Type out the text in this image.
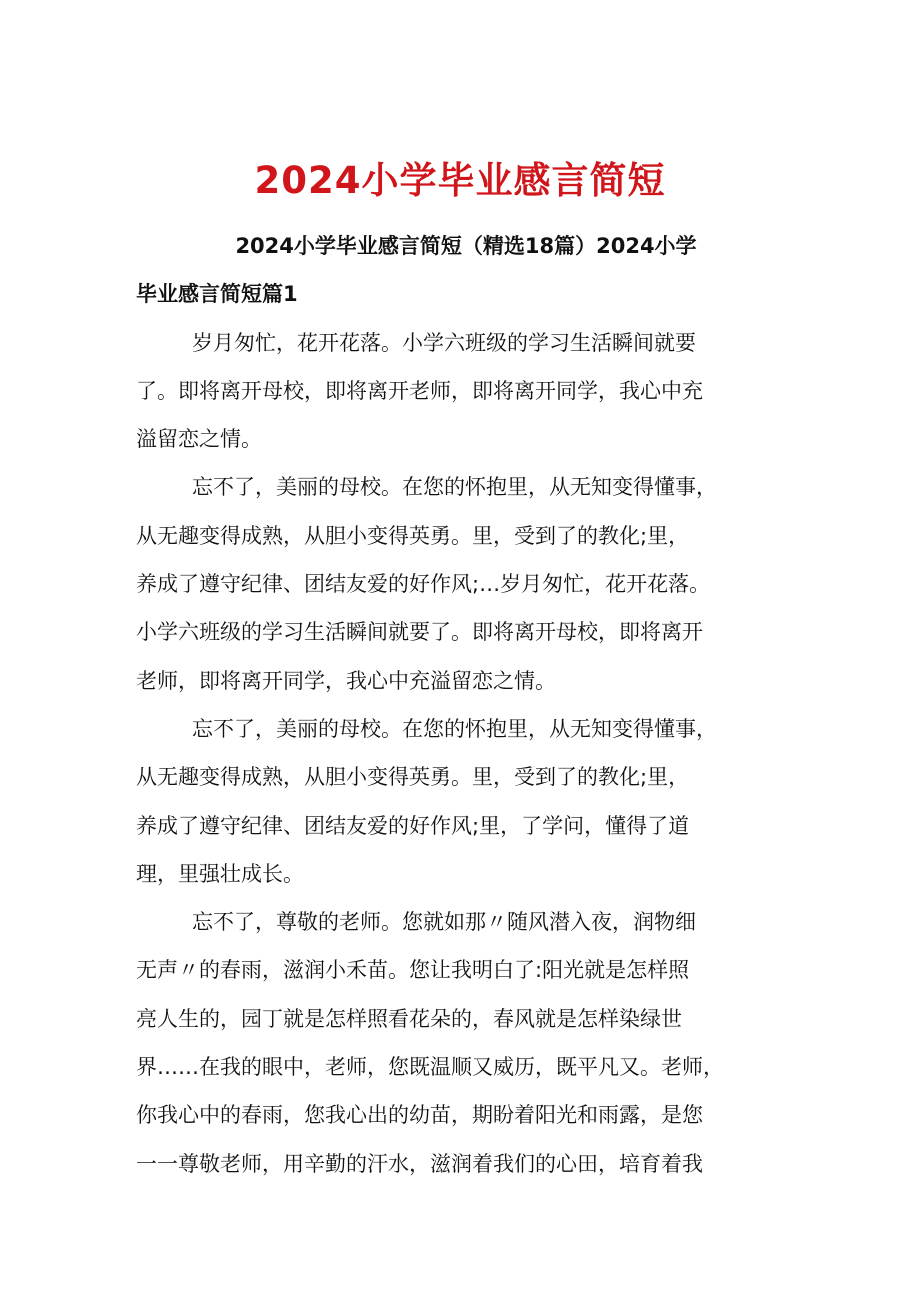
2024小学毕业感言简短
2024小学毕业感言简短（精选18篇）2024小学
毕业感言简短篇1
岁月匆忙，花开花落。小学六班级的学习生活瞬间就要
了。即将离开母校，即将离开老师，即将离开同学，我心中充
溢留恋之情。
忘不了，美丽的母校。在您的怀抱里，从无知变得懂事，
从无趣变得成熟，从胆小变得英勇。里，受到了的教化;里，
养成了遵守纪律、团结友爱的好作风;…岁月匆忙，花开花落。
小学六班级的学习生活瞬间就要了。即将离开母校，即将离开
老师，即将离开同学，我心中充溢留恋之情。
忘不了，美丽的母校。在您的怀抱里，从无知变得懂事，
从无趣变得成熟，从胆小变得英勇。里，受到了的教化;里，
养成了遵守纪律、团结友爱的好作风;里，了学问，懂得了道
理，里强壮成长。
忘不了，尊敬的老师。您就如那〃随风潜入夜，润物细
无声〃的春雨，滋润小禾苗。您让我明白了:阳光就是怎样照
亮人生的，园丁就是怎样照看花朵的，春风就是怎样染绿世
界……在我的眼中，老师，您既温顺又威历，既平凡又。老师，
你我心中的春雨，您我心出的幼苗，期盼着阳光和雨露，是您
一一尊敬老师，用辛勤的汗水，滋润着我们的心田，培育着我
